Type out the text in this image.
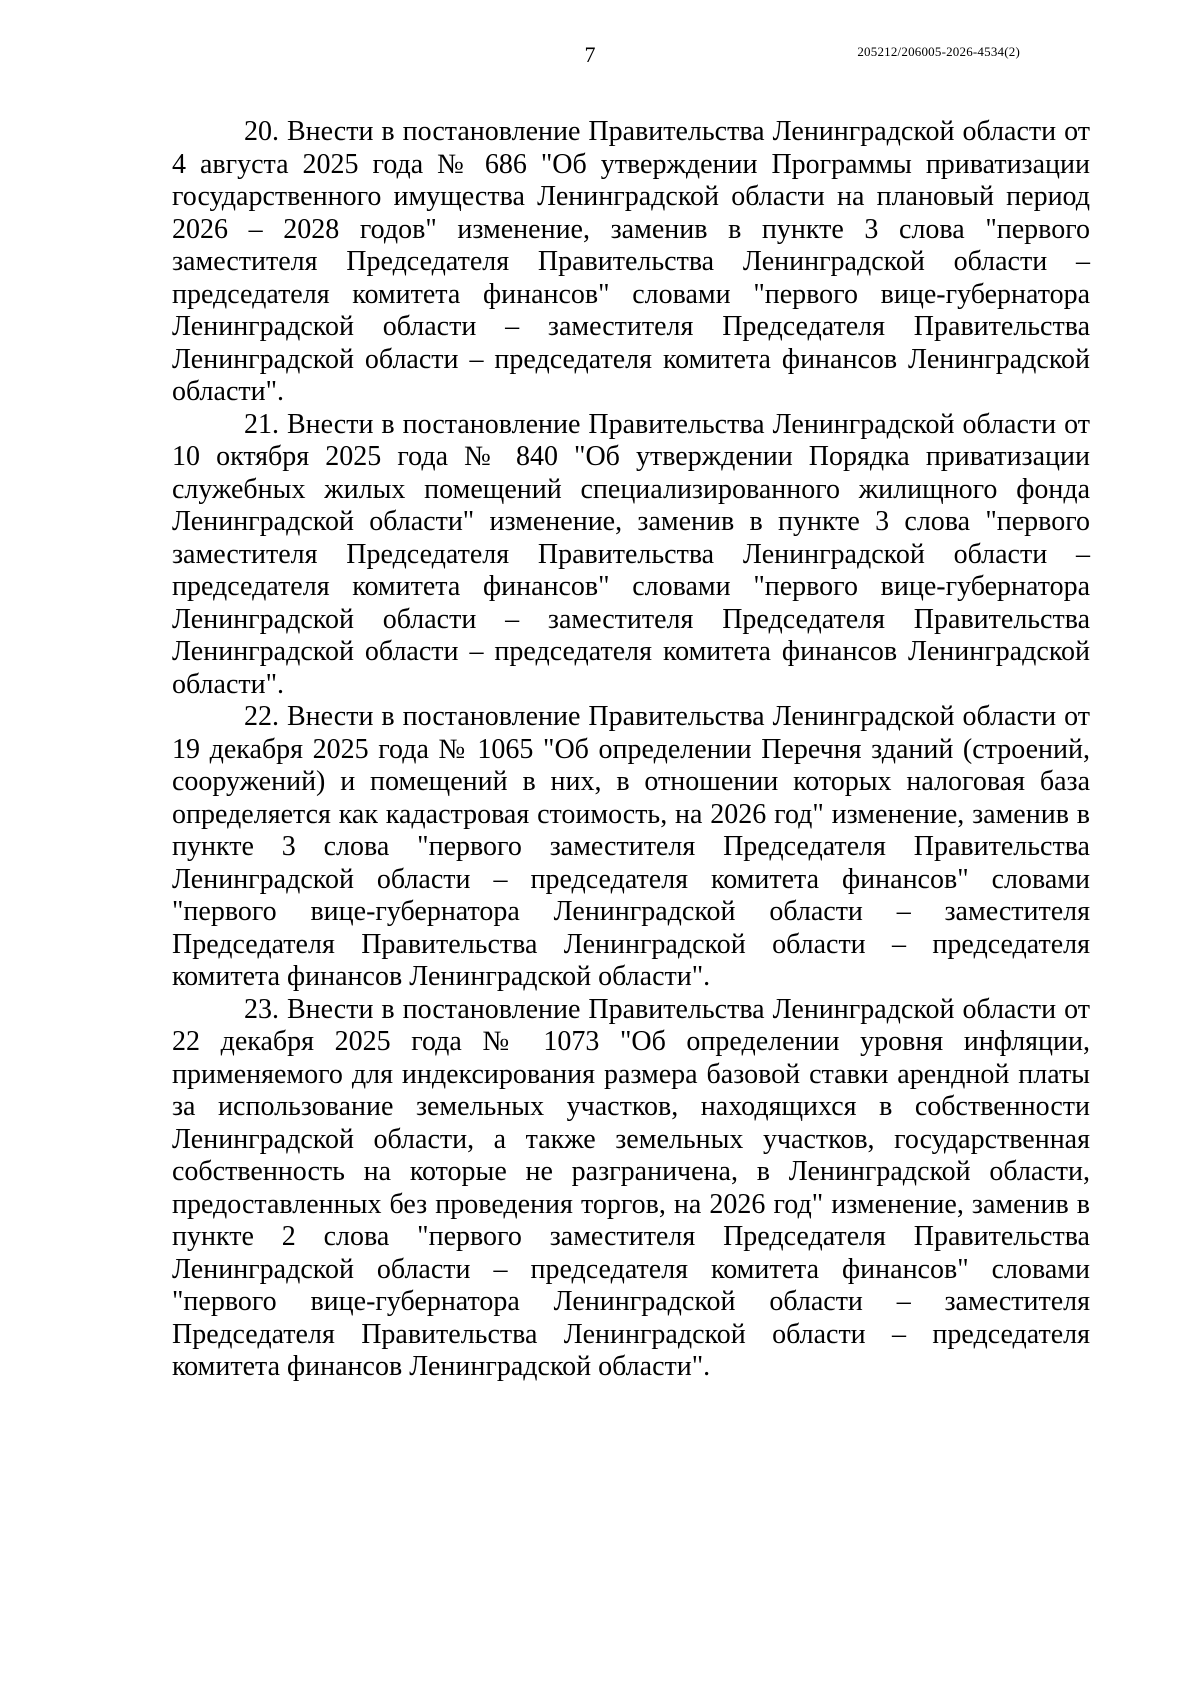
7	205212/206005-2026-4534(2)

20. Внести в постановление Правительства Ленинградской области от 4 августа 2025 года № 686 "Об утверждении Программы приватизации государственного имущества Ленинградской области на плановый период 2026 – 2028 годов" изменение, заменив в пункте 3 слова "первого заместителя Председателя Правительства Ленинградской области – председателя комитета финансов" словами "первого вице-губернатора Ленинградской области – заместителя Председателя Правительства Ленинградской области – председателя комитета финансов Ленинградской области".

21. Внести в постановление Правительства Ленинградской области от 10 октября 2025 года № 840 "Об утверждении Порядка приватизации служебных жилых помещений специализированного жилищного фонда Ленинградской области" изменение, заменив в пункте 3 слова "первого заместителя Председателя Правительства Ленинградской области – председателя комитета финансов" словами "первого вице-губернатора Ленинградской области – заместителя Председателя Правительства Ленинградской области – председателя комитета финансов Ленинградской области".

22. Внести в постановление Правительства Ленинградской области от 19 декабря 2025 года № 1065 "Об определении Перечня зданий (строений, сооружений) и помещений в них, в отношении которых налоговая база определяется как кадастровая стоимость, на 2026 год" изменение, заменив в пункте 3 слова "первого заместителя Председателя Правительства Ленинградской области – председателя комитета финансов" словами "первого вице-губернатора Ленинградской области – заместителя Председателя Правительства Ленинградской области – председателя комитета финансов Ленинградской области".

23. Внести в постановление Правительства Ленинградской области от 22 декабря 2025 года № 1073 "Об определении уровня инфляции, применяемого для индексирования размера базовой ставки арендной платы за использование земельных участков, находящихся в собственности Ленинградской области, а также земельных участков, государственная собственность на которые не разграничена, в Ленинградской области, предоставленных без проведения торгов, на 2026 год" изменение, заменив в пункте 2 слова "первого заместителя Председателя Правительства Ленинградской области – председателя комитета финансов" словами "первого вице-губернатора Ленинградской области – заместителя Председателя Правительства Ленинградской области – председателя комитета финансов Ленинградской области".
